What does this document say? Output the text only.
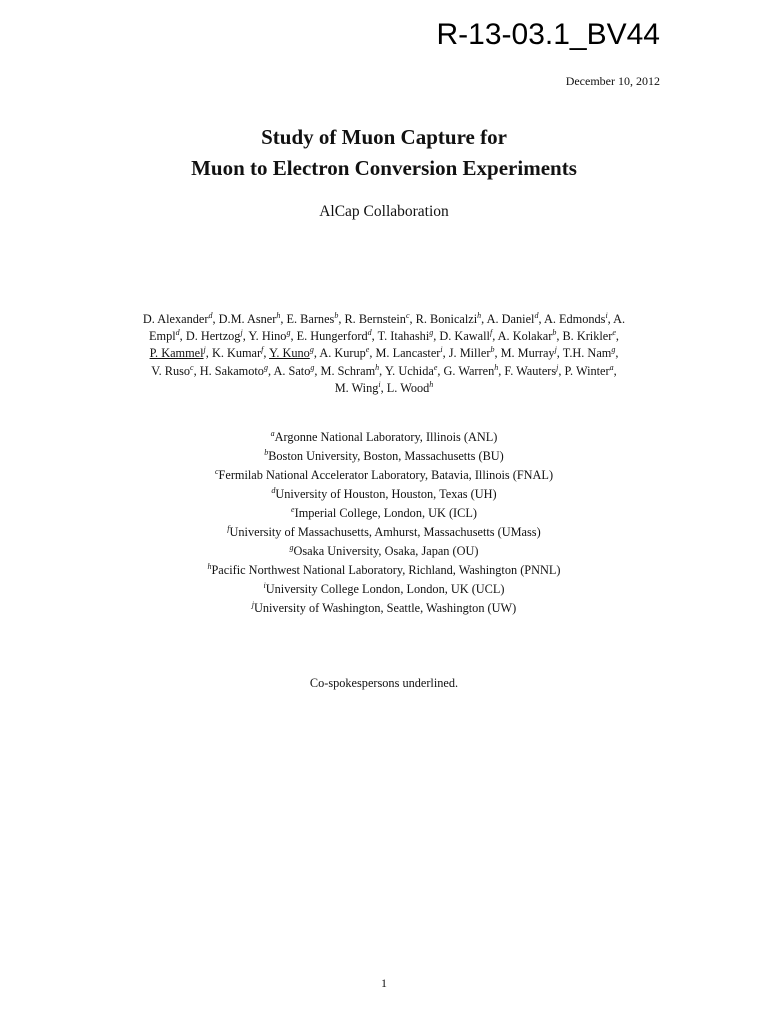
R-13-03.1_BV44
December 10, 2012
Study of Muon Capture for
Muon to Electron Conversion Experiments
AlCap Collaboration
D. Alexander$^d$, D.M. Asner$^h$, E. Barnes$^b$, R. Bernstein$^c$, R. Bonicalzi$^h$, A. Daniel$^d$, A. Edmonds$^i$, A.
Empl$^d$, D. Hertzog$^j$, Y. Hino$^g$, E. Hungerford$^d$, T. Itahashi$^g$, D. Kawall$^f$, A. Kolakar$^b$, B. Krikler$^e$,
P. Kammel$^j$, K. Kumar$^f$, Y. Kuno$^g$, A. Kurup$^e$, M. Lancaster$^i$, J. Miller$^b$, M. Murray$^j$, T.H. Nam$^g$,
V. Ruso$^c$, H. Sakamoto$^g$, A. Sato$^g$, M. Schram$^h$, Y. Uchida$^e$, G. Warren$^h$, F. Wauters$^j$, P. Winter$^a$,
M. Wing$^i$, L. Wood$^h$
$^a$Argonne National Laboratory, Illinois (ANL)
$^b$Boston University, Boston, Massachusetts (BU)
$^c$Fermilab National Accelerator Laboratory, Batavia, Illinois (FNAL)
$^d$University of Houston, Houston, Texas (UH)
$^e$Imperial College, London, UK (ICL)
$^f$University of Massachusetts, Amhurst, Massachusetts (UMass)
$^g$Osaka University, Osaka, Japan (OU)
$^h$Pacific Northwest National Laboratory, Richland, Washington (PNNL)
$^i$University College London, London, UK (UCL)
$^j$University of Washington, Seattle, Washington (UW)
Co-spokespersons underlined.
1
